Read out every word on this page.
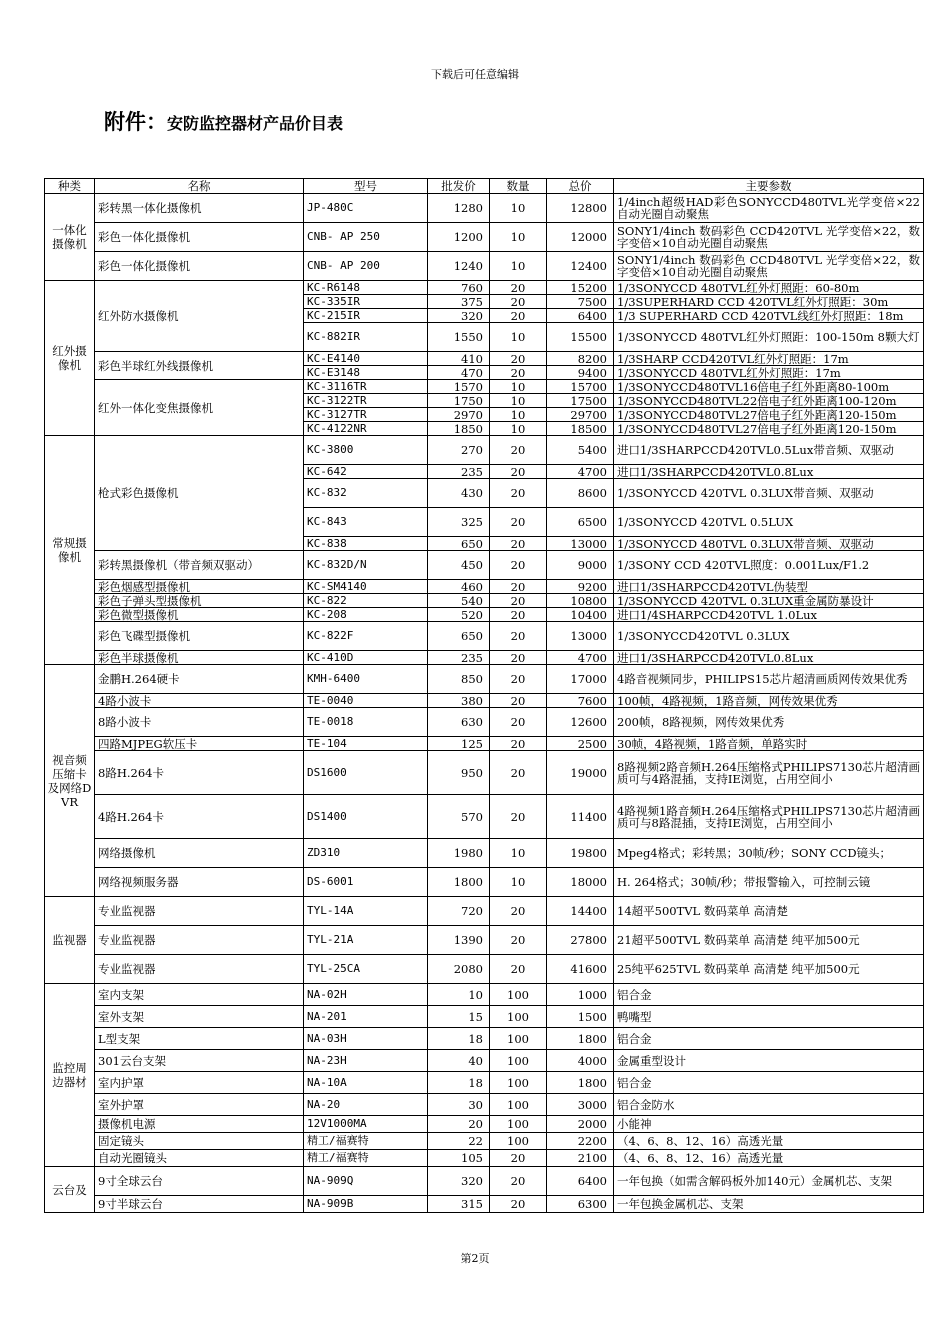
下载后可任意编辑
附件：安防监控器材产品价目表
种类	名称	型号	批发价	数量	总价	主要参数
一体化摄像机	彩转黑一体化摄像机	JP-480C	1280	10	12800	1/4inch超级HAD彩色SONYCCD480TVL光学变倍×22自动光圈自动聚焦
	彩色一体化摄像机	CNB- AP 250	1200	10	12000	SONY1/4inch 数码彩色 CCD420TVL 光学变倍×22，数字变倍×10自动光圈自动聚焦
	彩色一体化摄像机	CNB- AP 200	1240	10	12400	SONY1/4inch 数码彩色 CCD480TVL 光学变倍×22，数字变倍×10自动光圈自动聚焦
红外摄像机	红外防水摄像机	KC-R6148	760	20	15200	1/3SONYCCD 480TVL红外灯照距：60-80m
		KC-335IR	375	20	7500	1/3SUPERHARD CCD 420TVL红外灯照距：30m
		KC-215IR	320	20	6400	1/3 SUPERHARD CCD 420TVL线红外灯照距：18m
		KC-882IR	1550	10	15500	1/3SONYCCD 480TVL红外灯照距：100-150m 8颗大灯
	彩色半球红外线摄像机	KC-E4140	410	20	8200	1/3SHARP CCD420TVL红外灯照距：17m
		KC-E3148	470	20	9400	1/3SONYCCD 480TVL红外灯照距：17m
	红外一体化变焦摄像机	KC-3116TR	1570	10	15700	1/3SONYCCD480TVL16倍电子红外距离80-100m
		KC-3122TR	1750	10	17500	1/3SONYCCD480TVL22倍电子红外距离100-120m
		KC-3127TR	2970	10	29700	1/3SONYCCD480TVL27倍电子红外距离120-150m
		KC-4122NR	1850	10	18500	1/3SONYCCD480TVL27倍电子红外距离120-150m
常规摄像机	枪式彩色摄像机	KC-3800	270	20	5400	进口1/3SHARPCCD420TVL0.5Lux带音频、双驱动
		KC-642	235	20	4700	进口1/3SHARPCCD420TVL0.8Lux
		KC-832	430	20	8600	1/3SONYCCD 420TVL 0.3LUX带音频、双驱动
		KC-843	325	20	6500	1/3SONYCCD 420TVL 0.5LUX
		KC-838	650	20	13000	1/3SONYCCD 480TVL 0.3LUX带音频、双驱动
	彩转黑摄像机（带音频双驱动）	KC-832D/N	450	20	9000	1/3SONY CCD 420TVL照度：0.001Lux/F1.2
	彩色烟感型摄像机	KC-SM4140	460	20	9200	进口1/3SHARPCCD420TVL伪装型
	彩色子弹头型摄像机	KC-822	540	20	10800	1/3SONYCCD 420TVL 0.3LUX重金属防暴设计
	彩色微型摄像机	KC-208	520	20	10400	进口1/4SHARPCCD420TVL 1.0Lux
	彩色飞碟型摄像机	KC-822F	650	20	13000	1/3SONYCCD420TVL 0.3LUX
	彩色半球摄像机	KC-410D	235	20	4700	进口1/3SHARPCCD420TVL0.8Lux
视音频压缩卡及网络DVR	金鹏H.264硬卡	KMH-6400	850	20	17000	4路音视频同步，PHILIPS15芯片超清画质网传效果优秀
	4路小波卡	TE-0040	380	20	7600	100帧，4路视频，1路音频，网传效果优秀
	8路小波卡	TE-0018	630	20	12600	200帧，8路视频，网传效果优秀
	四路MJPEG软压卡	TE-104	125	20	2500	30帧，4路视频，1路音频，单路实时
	8路H.264卡	DS1600	950	20	19000	8路视频2路音频H.264压缩格式PHILIPS7130芯片超清画质可与4路混插，支持IE浏览，占用空间小
	4路H.264卡	DS1400	570	20	11400	4路视频1路音频H.264压缩格式PHILIPS7130芯片超清画质可与8路混插，支持IE浏览，占用空间小
	网络摄像机	ZD310	1980	10	19800	Mpeg4格式；彩转黑；30帧/秒；SONY CCD镜头；
	网络视频服务器	DS-6001	1800	10	18000	H. 264格式；30帧/秒；带报警输入，可控制云镜
监视器	专业监视器	TYL-14A	720	20	14400	14超平500TVL 数码菜单 高清楚
	专业监视器	TYL-21A	1390	20	27800	21超平500TVL 数码菜单 高清楚 纯平加500元
	专业监视器	TYL-25CA	2080	20	41600	25纯平625TVL 数码菜单 高清楚 纯平加500元
监控周边器材	室内支架	NA-02H	10	100	1000	铝合金
	室外支架	NA-201	15	100	1500	鸭嘴型
	L型支架	NA-03H	18	100	1800	铝合金
	301云台支架	NA-23H	40	100	4000	金属重型设计
	室内护罩	NA-10A	18	100	1800	铝合金
	室外护罩	NA-20	30	100	3000	铝合金防水
	摄像机电源	12V1000MA	20	100	2000	小能神
	固定镜头	精工/福赛特	22	100	2200	（4、6、8、12、16）高透光量
	自动光圈镜头	精工/福赛特	105	20	2100	（4、6、8、12、16）高透光量
云台及	9寸全球云台	NA-909Q	320	20	6400	一年包换（如需含解码板外加140元）金属机芯、支架
	9寸半球云台	NA-909B	315	20	6300	一年包换金属机芯、支架
第2页
